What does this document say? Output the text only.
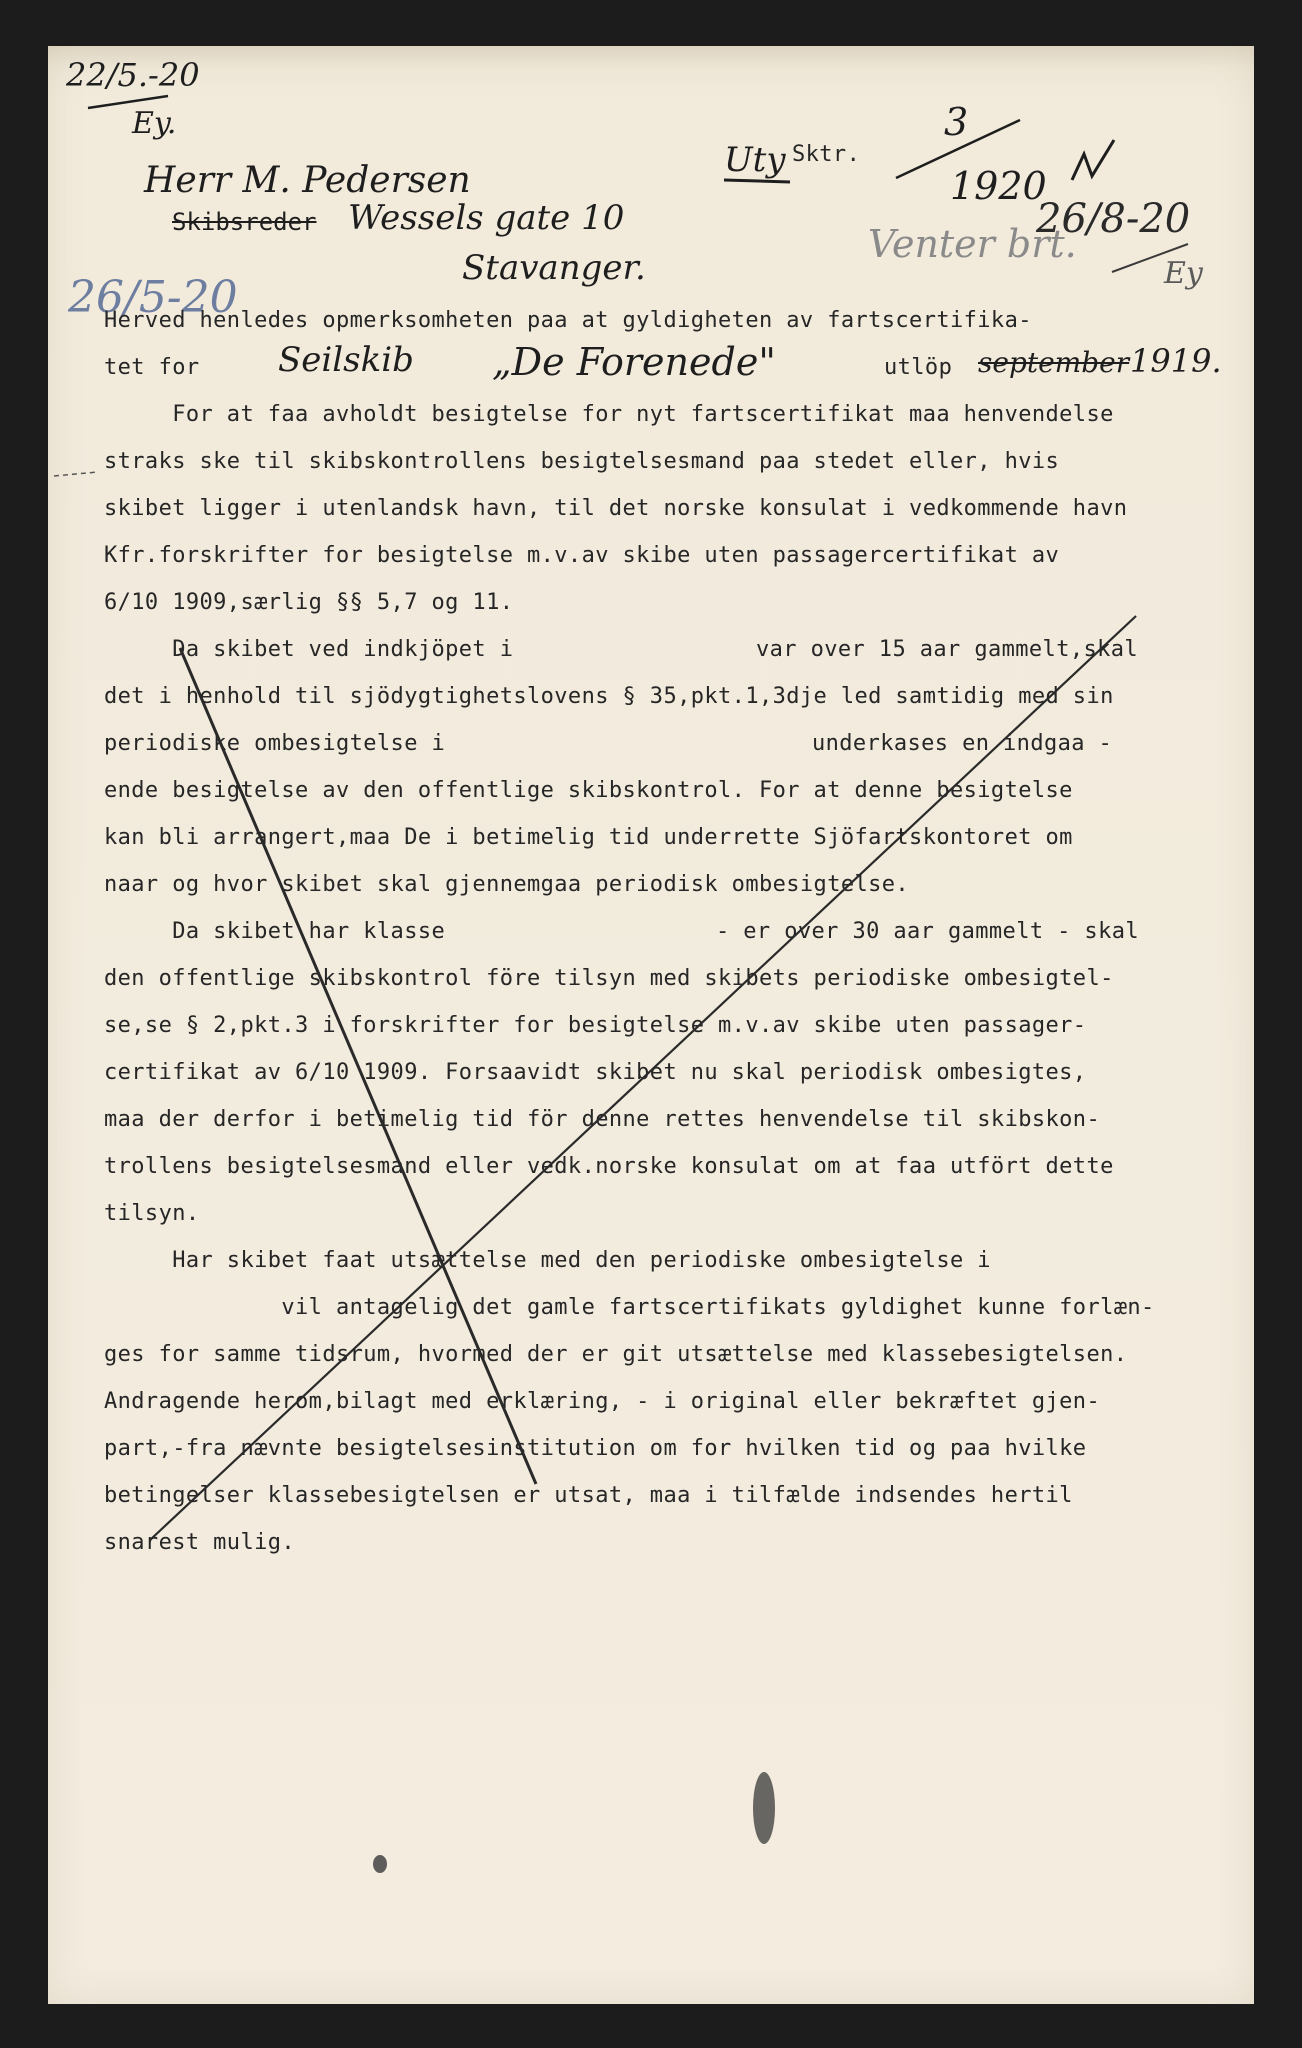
22/5.-20
Ey.
Herr M. Pedersen
Skibsreder Wessels gate 10
Stavanger.
Uty Sktr.
3
1920
Venter brt.
26/8-20
Ey
26/5-20
Herved henledes opmerksomheten paa at gyldigheten av fartscertifika-
tet for Seilskib „De Forenede"	utlöp september 1919.
For at faa avholdt besigtelse for nyt fartscertifikat maa henvendelse
straks ske til skibskontrollens besigtelsesmand paa stedet eller, hvis
skibet ligger i utenlandsk havn, til det norske konsulat i vedkommende havn
Kfr.forskrifter for besigtelse m.v.av skibe uten passagercertifikat av
6/10 1909,særlig §§ 5,7 og 11.
Da skibet ved indkjöpet i	var over 15 aar gammelt,skal
det i henhold til sjödygtighetslovens § 35,pkt.1,3dje led samtidig med sin
periodiske ombesigtelse i	underkases en indgaa -
ende besigtelse av den offentlige skibskontrol. For at denne besigtelse
kan bli arrangert,maa De i betimelig tid underrette Sjöfartskontoret om
naar og hvor skibet skal gjennemgaa periodisk ombesigtelse.
Da skibet har klasse	- er over 30 aar gammelt - skal
den offentlige skibskontrol före tilsyn med skibets periodiske ombesigtel-
se,se § 2,pkt.3 i forskrifter for besigtelse m.v.av skibe uten passager-
certifikat av 6/10 1909. Forsaavidt skibet nu skal periodisk ombesigtes,
maa der derfor i betimelig tid för denne rettes henvendelse til skibskon-
trollens besigtelsesmand eller vedk.norske konsulat om at faa utfört dette
tilsyn.
Har skibet faat utsættelse med den periodiske ombesigtelse i
vil antagelig det gamle fartscertifikats gyldighet kunne forlæn-
ges for samme tidsrum, hvormed der er git utsættelse med klassebesigtelsen.
Andragende herom,bilagt med erklæring, - i original eller bekræftet gjen-
part,-fra nævnte besigtelsesinstitution om for hvilken tid og paa hvilke
betingelser klassebesigtelsen er utsat, maa i tilfælde indsendes hertil
snarest mulig.
